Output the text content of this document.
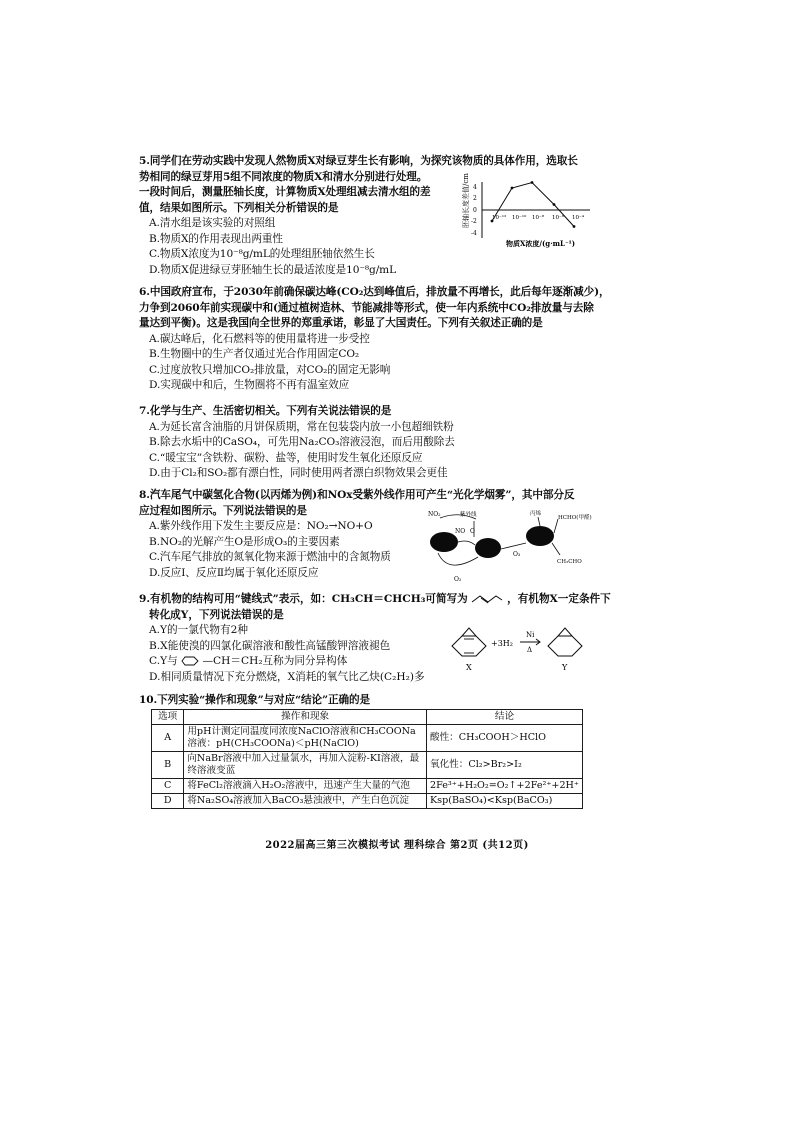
5.同学们在劳动实践中发现人然物质X对绿豆芽生长有影响，为探究该物质的具体作用，选取长
势相同的绿豆芽用5组不同浓度的物质X和清水分别进行处理。
一段时间后，测量胚轴长度，计算物质X处理组减去清水组的差
值，结果如图所示。下列相关分析错误的是
A.清水组是该实验的对照组
B.物质X的作用表现出两重性
C.物质X浓度为10⁻⁸g/mL的处理组胚轴依然生长
D.物质X促进绿豆芽胚轴生长的最适浓度是10⁻⁸g/mL
胚轴长度差值/cm 4
2
0
-2
-4
10⁻¹² 10⁻¹⁰ 10⁻⁸ 10⁻⁶ 10⁻⁴
物质X浓度/(g·mL⁻¹)
6.中国政府宣布，于2030年前确保碳达峰(CO₂达到峰值后，排放量不再增长，此后每年逐渐减少)，
力争到2060年前实现碳中和(通过植树造林、节能减排等形式，使一年内系统中CO₂排放量与去除
量达到平衡)。这是我国向全世界的郑重承诺，彰显了大国责任。下列有关叙述正确的是
A.碳达峰后，化石燃料等的使用量将进一步受控
B.生物圈中的生产者仅通过光合作用固定CO₂
C.过度放牧只增加CO₂排放量，对CO₂的固定无影响
D.实现碳中和后，生物圈将不再有温室效应
7.化学与生产、生活密切相关。下列有关说法错误的是
A.为延长富含油脂的月饼保质期，常在包装袋内放一小包超细铁粉
B.除去水垢中的CaSO₄，可先用Na₂CO₃溶液浸泡，而后用酸除去
C.“暖宝宝”含铁粉、碳粉、盐等，使用时发生氧化还原反应
D.由于Cl₂和SO₂都有漂白性，同时使用两者漂白织物效果会更佳
8.汽车尾气中碳氢化合物(以丙烯为例)和NOx受紫外线作用可产生“光化学烟雾”，其中部分反
应过程如图所示。下列说法错误的是
A.紫外线作用下发生主要反应是：NO₂→NO+O
B.NO₂的光解产生O是形成O₃的主要因素
C.汽车尾气排放的氮氧化物来源于燃油中的含氮物质
D.反应Ⅰ、反应Ⅱ均属于氧化还原反应
NO₂	紫外线
NO O
O₂
O₃
丙烯
HCHO(甲醛)
CH₃CHO
9.有机物的结构可用“键线式”表示，如：CH₃CH＝CHCH₃可简写为	，有机物X一定条件下
转化成Y，下列说法错误的是
A.Y的一氯代物有2种
B.X能使溴的四氯化碳溶液和酸性高锰酸钾溶液褪色
C.Y与 —CH＝CH₂互称为同分异构体
D.相同质量情况下充分燃烧，X消耗的氧气比乙炔(C₂H₂)多
+3H₂
Ni
Δ
X	Y
10.下列实验“操作和现象”与对应“结论”正确的是
选项	操作和现象	结论
A	用pH计测定同温度同浓度NaClO溶液和CH₃COONa溶液：pH(CH₃COONa)＜pH(NaClO)	酸性：CH₃COOH＞HClO
B	向NaBr溶液中加入过量氯水，再加入淀粉-KI溶液，最终溶液变蓝	氧化性：Cl₂>Br₂>I₂
C	将FeCl₂溶液滴入H₂O₂溶液中，迅速产生大量的气泡	2Fe³⁺+H₂O₂=O₂↑+2Fe²⁺+2H⁺
D	将Na₂SO₄溶液加入BaCO₃悬浊液中，产生白色沉淀	Ksp(BaSO₄)<Ksp(BaCO₃)
2022届高三第三次模拟考试 理科综合 第2页 (共12页)
